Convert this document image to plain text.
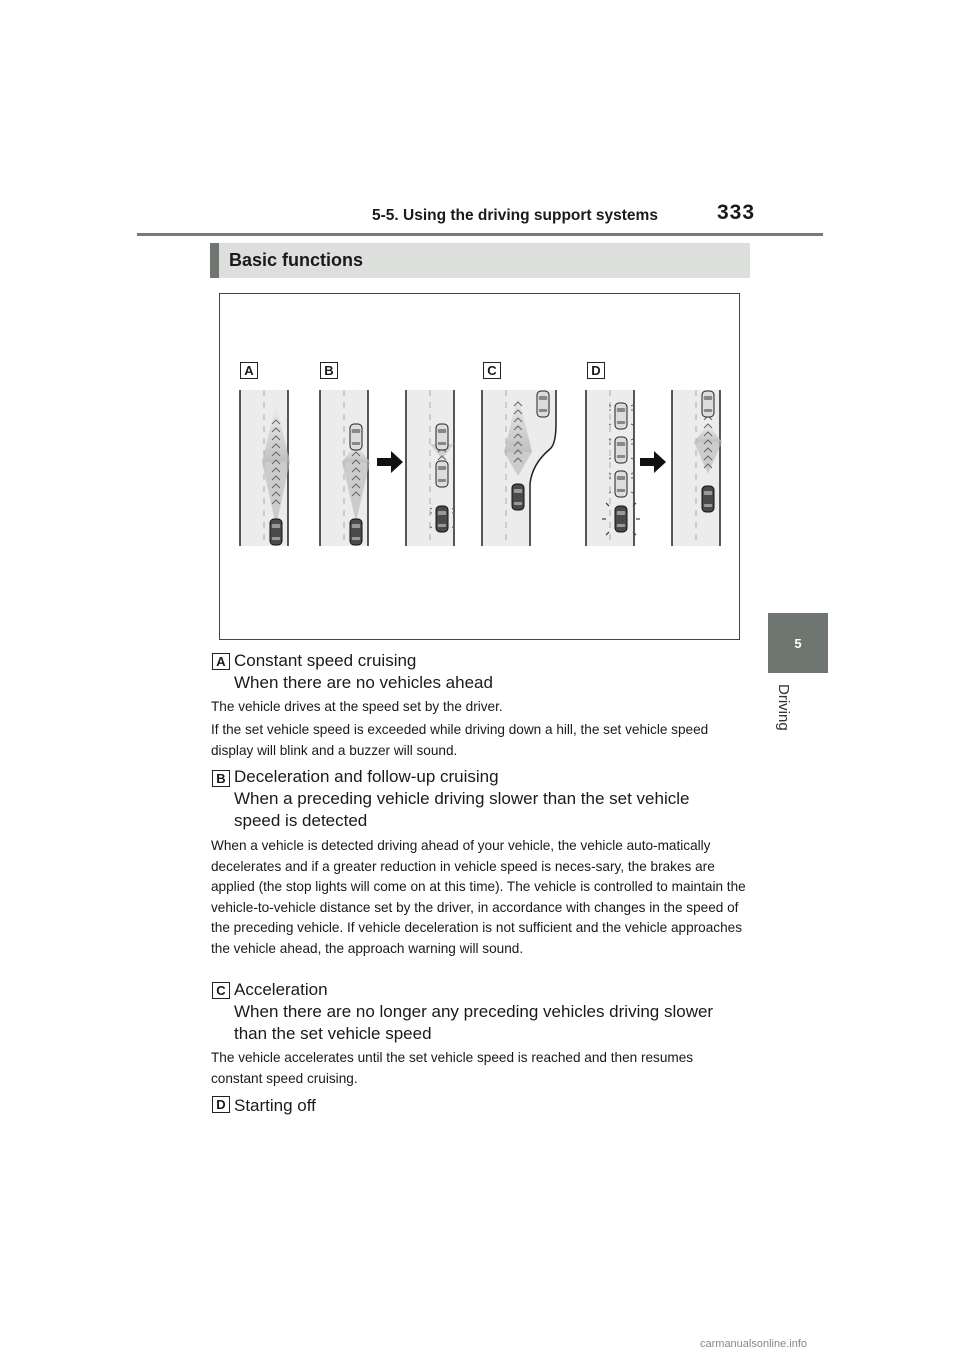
5-5. Using the driving support systems	333
5
Driving
Basic functions
A	B	C	D
A Constant speed cruising
When there are no vehicles ahead
The vehicle drives at the speed set by the driver.
If the set vehicle speed is exceeded while driving down a hill, the set vehicle speed display will blink and a buzzer will sound.
B Deceleration and follow-up cruising
When a preceding vehicle driving slower than the set vehicle speed is detected
When a vehicle is detected driving ahead of your vehicle, the vehicle auto-matically decelerates and if a greater reduction in vehicle speed is neces-sary, the brakes are applied (the stop lights will come on at this time). The vehicle is controlled to maintain the vehicle-to-vehicle distance set by the driver, in accordance with changes in the speed of the preceding vehicle. If vehicle deceleration is not sufficient and the vehicle approaches the vehicle ahead, the approach warning will sound.
C Acceleration
When there are no longer any preceding vehicles driving slower than the set vehicle speed
The vehicle accelerates until the set vehicle speed is reached and then resumes constant speed cruising.
D Starting off
carmanualsonline.info
